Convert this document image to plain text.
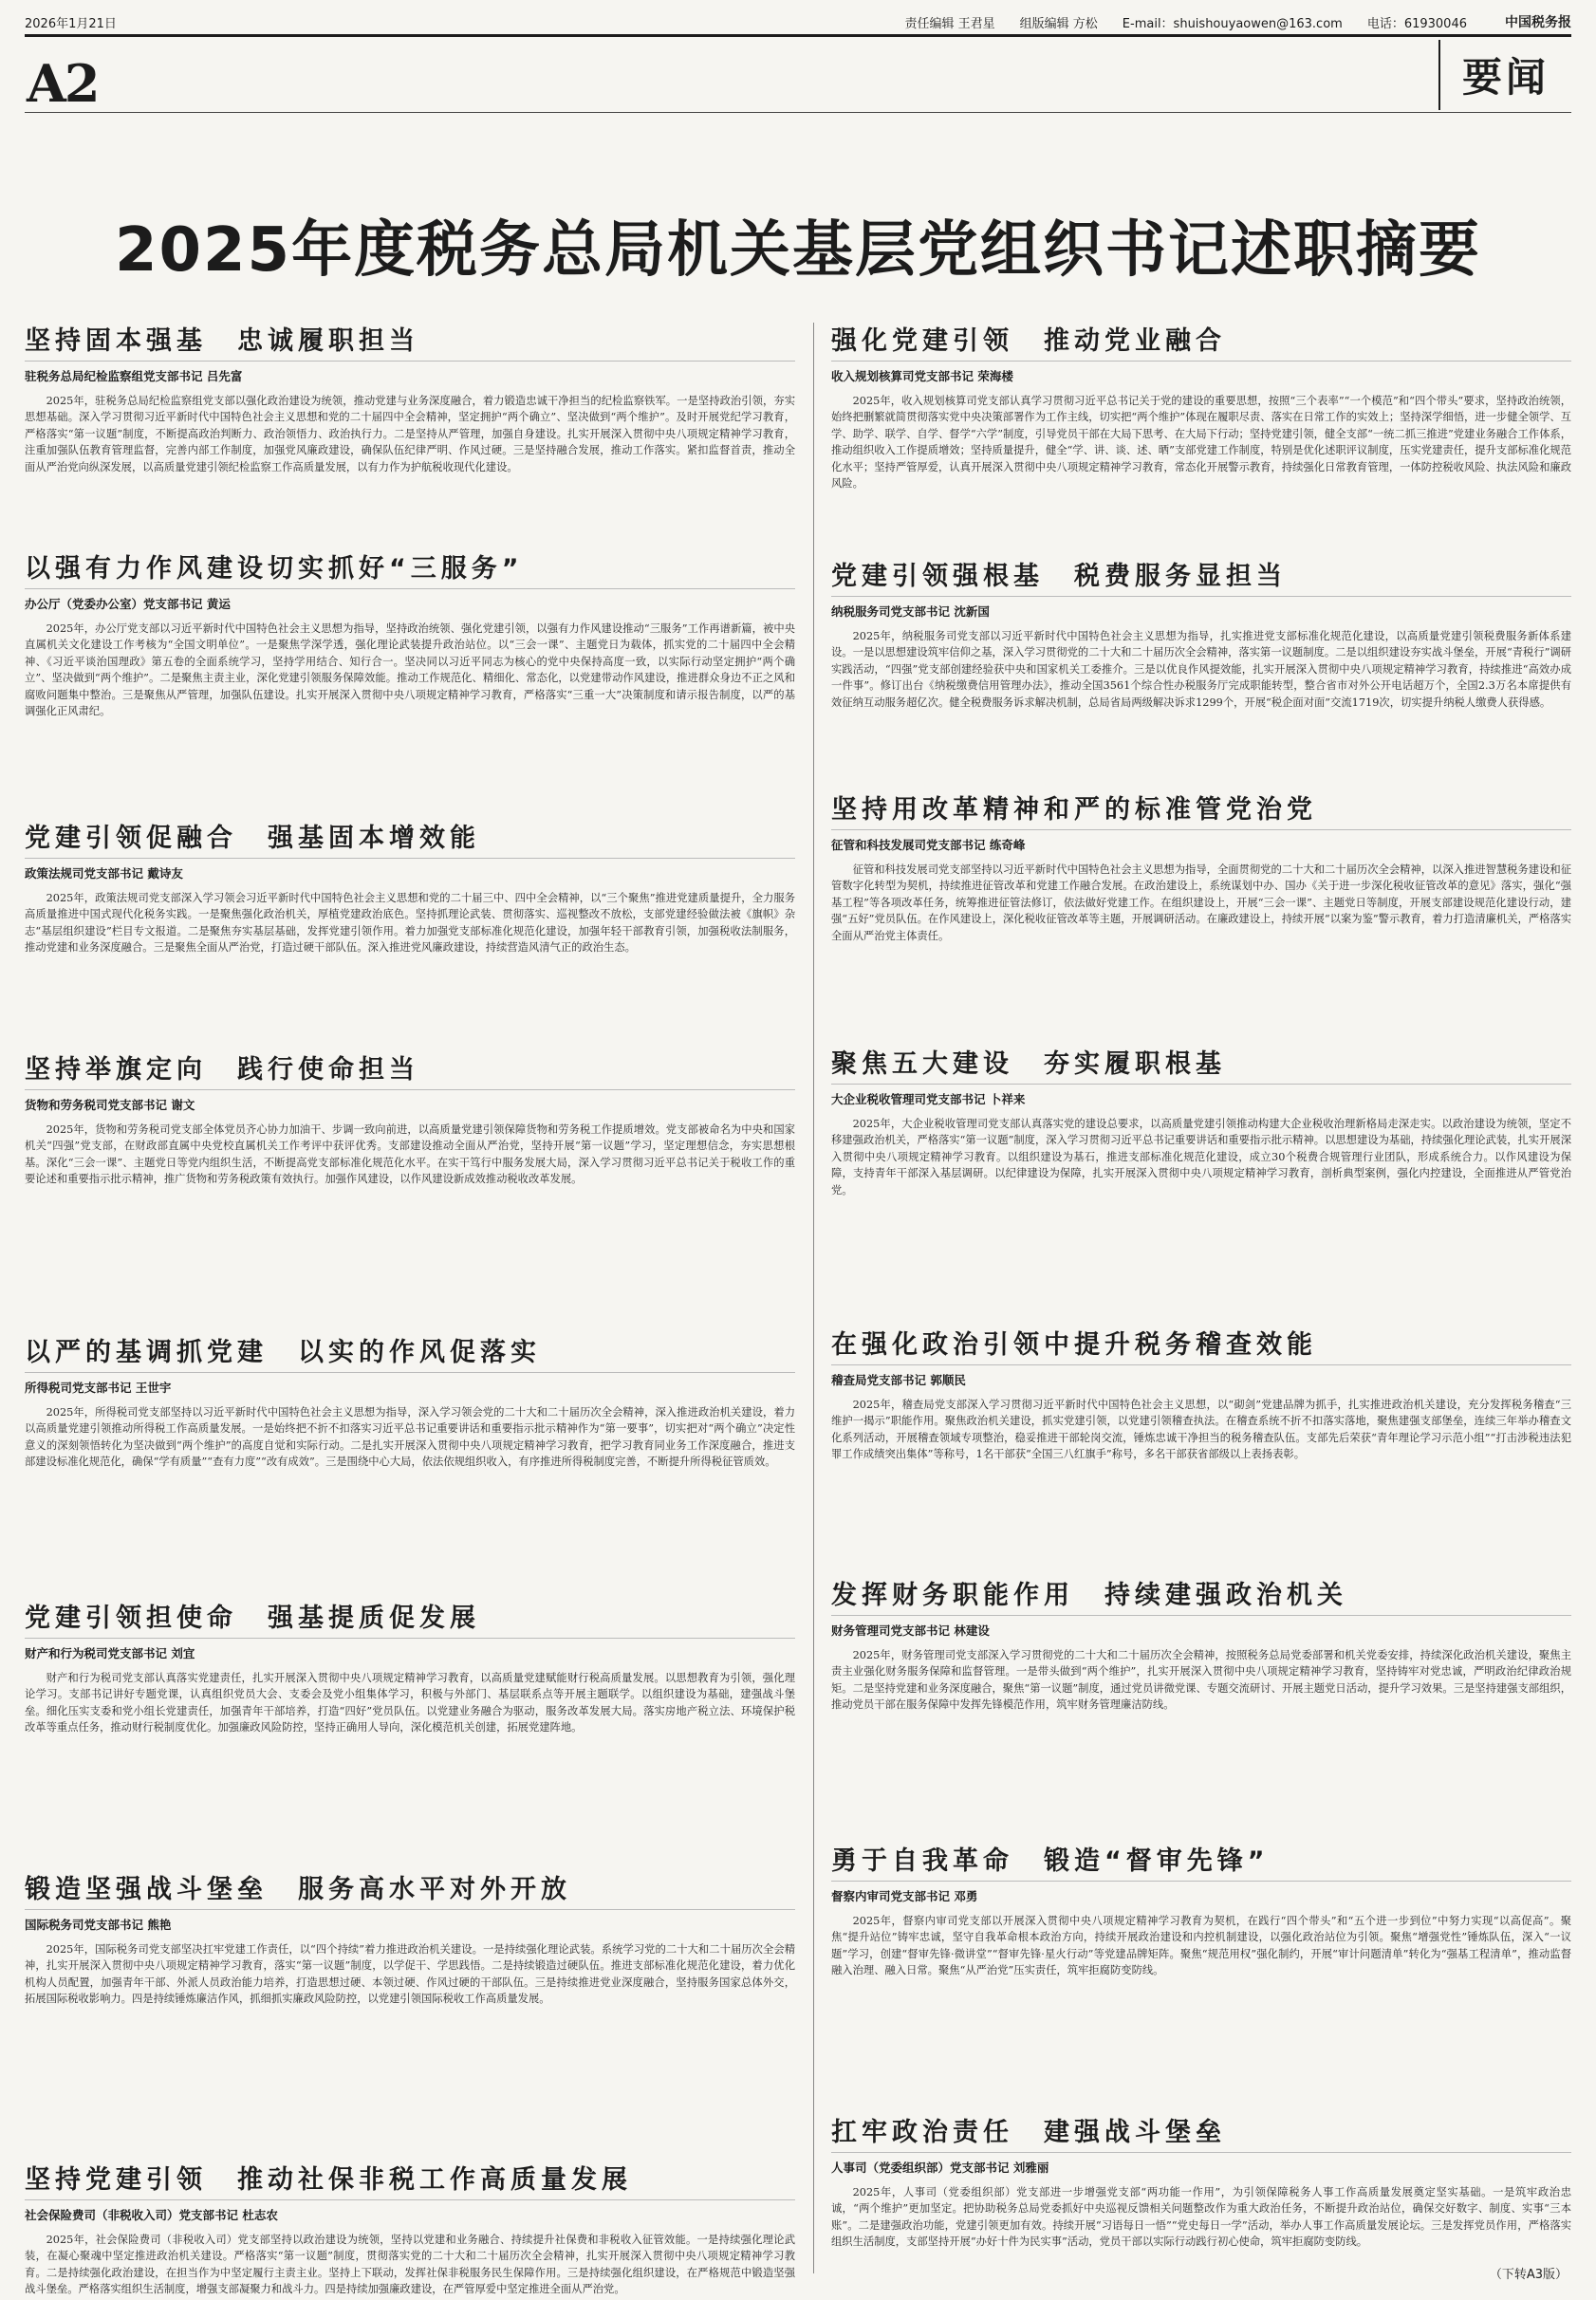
2026年1月21日	责任编辑 王君星 组版编辑 方松 E-mail：shuishouyaowen@163.com 电话：61930046	中国税务报
A2	要闻
2025年度税务总局机关基层党组织书记述职摘要
坚持固本强基　忠诚履职担当
驻税务总局纪检监察组党支部书记 吕先富

2025年，驻税务总局纪检监察组党支部以强化政治建设为统领，推动党建与业务深度融合，着力锻造忠诚干净担当的纪检监察铁军。一是坚持政治引领，夯实思想基础。深入学习贯彻习近平新时代中国特色社会主义思想和党的二十届四中全会精神，坚定拥护“两个确立”、坚决做到“两个维护”。及时开展党纪学习教育，严格落实“第一议题”制度，不断提高政治判断力、政治领悟力、政治执行力。二是坚持从严管理，加强自身建设。扎实开展深入贯彻中央八项规定精神学习教育，注重加强队伍教育管理监督，完善内部工作制度，加强党风廉政建设，确保队伍纪律严明、作风过硬。三是坚持融合发展，推动工作落实。紧扣监督首责，推动全面从严治党向纵深发展，以高质量党建引领纪检监察工作高质量发展，以有力作为护航税收现代化建设。

以强有力作风建设切实抓好“三服务”
办公厅（党委办公室）党支部书记 黄运

2025年，办公厅党支部以习近平新时代中国特色社会主义思想为指导，坚持政治统领、强化党建引领，以强有力作风建设推动“三服务”工作再谱新篇，被中央直属机关文化建设工作考核为“全国文明单位”。一是聚焦学深学透，强化理论武装提升政治站位。以“三会一课”、主题党日为载体，抓实党的二十届四中全会精神、《习近平谈治国理政》第五卷的全面系统学习，坚持学用结合、知行合一。坚决同以习近平同志为核心的党中央保持高度一致，以实际行动坚定拥护“两个确立”、坚决做到“两个维护”。二是聚焦主责主业，深化党建引领服务保障效能。推动工作规范化、精细化、常态化，以党建带动作风建设，推进群众身边不正之风和腐败问题集中整治。三是聚焦从严管理，加强队伍建设。扎实开展深入贯彻中央八项规定精神学习教育，严格落实“三重一大”决策制度和请示报告制度，以严的基调强化正风肃纪。

党建引领促融合　强基固本增效能
政策法规司党支部书记 戴诗友

2025年，政策法规司党支部深入学习领会习近平新时代中国特色社会主义思想和党的二十届三中、四中全会精神，以“三个聚焦”推进党建质量提升，全力服务高质量推进中国式现代化税务实践。一是聚焦强化政治机关，厚植党建政治底色。坚持抓理论武装、贯彻落实、巡视整改不放松，支部党建经验做法被《旗帜》杂志“基层组织建设”栏目专文报道。二是聚焦夯实基层基础，发挥党建引领作用。着力加强党支部标准化规范化建设，加强年轻干部教育引领，加强税收法制服务，推动党建和业务深度融合。三是聚焦全面从严治党，打造过硬干部队伍。深入推进党风廉政建设，持续营造风清气正的政治生态。

坚持举旗定向　践行使命担当
货物和劳务税司党支部书记 谢文

2025年，货物和劳务税司党支部全体党员齐心协力加油干、步调一致向前进，以高质量党建引领保障货物和劳务税工作提质增效。党支部被命名为中央和国家机关“四强”党支部，在财政部直属中央党校直属机关工作考评中获评优秀。支部建设推动全面从严治党，坚持开展“第一议题”学习，坚定理想信念，夯实思想根基。深化“三会一课”、主题党日等党内组织生活，不断提高党支部标准化规范化水平。在实干笃行中服务发展大局，深入学习贯彻习近平总书记关于税收工作的重要论述和重要指示批示精神，推广货物和劳务税政策有效执行。加强作风建设，以作风建设新成效推动税收改革发展。

以严的基调抓党建　以实的作风促落实
所得税司党支部书记 王世宇

2025年，所得税司党支部坚持以习近平新时代中国特色社会主义思想为指导，深入学习领会党的二十大和二十届历次全会精神，深入推进政治机关建设，着力以高质量党建引领推动所得税工作高质量发展。一是始终把不折不扣落实习近平总书记重要讲话和重要指示批示精神作为“第一要事”，切实把对“两个确立”决定性意义的深刻领悟转化为坚决做到“两个维护”的高度自觉和实际行动。二是扎实开展深入贯彻中央八项规定精神学习教育，把学习教育同业务工作深度融合，推进支部建设标准化规范化，确保“学有质量”“查有力度”“改有成效”。三是围绕中心大局，依法依规组织收入，有序推进所得税制度完善，不断提升所得税征管质效。

党建引领担使命　强基提质促发展
财产和行为税司党支部书记 刘宜

财产和行为税司党支部认真落实党建责任，扎实开展深入贯彻中央八项规定精神学习教育，以高质量党建赋能财行税高质量发展。以思想教育为引领，强化理论学习。支部书记讲好专题党课，认真组织党员大会、支委会及党小组集体学习，积极与外部门、基层联系点等开展主题联学。以组织建设为基础，建强战斗堡垒。细化压实支委和党小组长党建责任，加强青年干部培养，打造“四好”党员队伍。以党建业务融合为驱动，服务改革发展大局。落实房地产税立法、环境保护税改革等重点任务，推动财行税制度优化。加强廉政风险防控，坚持正确用人导向，深化模范机关创建，拓展党建阵地。

锻造坚强战斗堡垒　服务高水平对外开放
国际税务司党支部书记 熊艳

2025年，国际税务司党支部坚决扛牢党建工作责任，以“四个持续”着力推进政治机关建设。一是持续强化理论武装。系统学习党的二十大和二十届历次全会精神，扎实开展深入贯彻中央八项规定精神学习教育，落实“第一议题”制度，以学促干、学思践悟。二是持续锻造过硬队伍。推进支部标准化规范化建设，着力优化机构人员配置，加强青年干部、外派人员政治能力培养，打造思想过硬、本领过硬、作风过硬的干部队伍。三是持续推进党业深度融合，坚持服务国家总体外交，拓展国际税收影响力。四是持续锤炼廉洁作风，抓细抓实廉政风险防控，以党建引领国际税收工作高质量发展。

坚持党建引领　推动社保非税工作高质量发展
社会保险费司（非税收入司）党支部书记 杜志农

2025年，社会保险费司（非税收入司）党支部坚持以政治建设为统领，坚持以党建和业务融合、持续提升社保费和非税收入征管效能。一是持续强化理论武装，在凝心聚魂中坚定推进政治机关建设。严格落实“第一议题”制度，贯彻落实党的二十大和二十届历次全会精神，扎实开展深入贯彻中央八项规定精神学习教育。二是持续强化政治建设，在担当作为中坚定履行主责主业。坚持上下联动，发挥社保非税服务民生保障作用。三是持续强化组织建设，在严格规范中锻造坚强战斗堡垒。严格落实组织生活制度，增强支部凝聚力和战斗力。四是持续加强廉政建设，在严管厚爱中坚定推进全面从严治党。

强化党建引领　推动党业融合
收入规划核算司党支部书记 荣海楼

2025年，收入规划核算司党支部认真学习贯彻习近平总书记关于党的建设的重要思想，按照“三个表率”“一个模范”和“四个带头”要求，坚持政治统领，始终把删繁就简贯彻落实党中央决策部署作为工作主线，切实把“两个维护”体现在履职尽责、落实在日常工作的实效上；坚持深学细悟，进一步健全领学、互学、助学、联学、自学、督学“六学”制度，引导党员干部在大局下思考、在大局下行动；坚持党建引领，健全支部“一统二抓三推进”党建业务融合工作体系，推动组织收入工作提质增效；坚持质量提升，健全“学、讲、谈、述、晒”支部党建工作制度，特别是优化述职评议制度，压实党建责任，提升支部标准化规范化水平；坚持严管厚爱，认真开展深入贯彻中央八项规定精神学习教育，常态化开展警示教育，持续强化日常教育管理，一体防控税收风险、执法风险和廉政风险。

党建引领强根基　税费服务显担当
纳税服务司党支部书记 沈新国

2025年，纳税服务司党支部以习近平新时代中国特色社会主义思想为指导，扎实推进党支部标准化规范化建设，以高质量党建引领税费服务新体系建设。一是以思想建设筑牢信仰之基，深入学习贯彻党的二十大和二十届历次全会精神，落实第一议题制度。二是以组织建设夯实战斗堡垒，开展“青税行”调研实践活动，“四强”党支部创建经验获中央和国家机关工委推介。三是以优良作风提效能，扎实开展深入贯彻中央八项规定精神学习教育，持续推进“高效办成一件事”。修订出台《纳税缴费信用管理办法》，推动全国3561个综合性办税服务厅完成职能转型，整合省市对外公开电话超万个，全国2.3万名本席提供有效征纳互动服务超亿次。健全税费服务诉求解决机制，总局省局两级解决诉求1299个，开展“税企面对面”交流1719次，切实提升纳税人缴费人获得感。

坚持用改革精神和严的标准管党治党
征管和科技发展司党支部书记 练奇峰

征管和科技发展司党支部坚持以习近平新时代中国特色社会主义思想为指导，全面贯彻党的二十大和二十届历次全会精神，以深入推进智慧税务建设和征管数字化转型为契机，持续推进征管改革和党建工作融合发展。在政治建设上，系统谋划中办、国办《关于进一步深化税收征管改革的意见》落实，强化“强基工程”等各项改革任务，统筹推进征管法修订，依法做好党建工作。在组织建设上，开展“三会一课”、主题党日等制度，开展支部建设规范化建设行动，建强“五好”党员队伍。在作风建设上，深化税收征管改革等主题，开展调研活动。在廉政建设上，持续开展“以案为鉴”警示教育，着力打造清廉机关，严格落实全面从严治党主体责任。

聚焦五大建设　夯实履职根基
大企业税收管理司党支部书记 卜祥来

2025年，大企业税收管理司党支部认真落实党的建设总要求，以高质量党建引领推动构建大企业税收治理新格局走深走实。以政治建设为统领，坚定不移建强政治机关，严格落实“第一议题”制度，深入学习贯彻习近平总书记重要讲话和重要指示批示精神。以思想建设为基础，持续强化理论武装，扎实开展深入贯彻中央八项规定精神学习教育。以组织建设为基石，推进支部标准化规范化建设，成立30个税费合规管理行业团队，形成系统合力。以作风建设为保障，支持青年干部深入基层调研。以纪律建设为保障，扎实开展深入贯彻中央八项规定精神学习教育，剖析典型案例，强化内控建设，全面推进从严管党治党。

在强化政治引领中提升税务稽查效能
稽查局党支部书记 郭顺民

2025年，稽查局党支部深入学习贯彻习近平新时代中国特色社会主义思想，以“砌剑”党建品牌为抓手，扎实推进政治机关建设，充分发挥税务稽查“三维护一揭示”职能作用。聚焦政治机关建设，抓实党建引领，以党建引领稽查执法。在稽查系统不折不扣落实落地，聚焦建强支部堡垒，连续三年举办稽查文化系列活动，开展稽查领域专项整治，稳妥推进干部轮岗交流，锤炼忠诚干净担当的税务稽查队伍。支部先后荣获“青年理论学习示范小组”“打击涉税违法犯罪工作成绩突出集体”等称号，1名干部获“全国三八红旗手”称号，多名干部获省部级以上表扬表彰。

发挥财务职能作用　持续建强政治机关
财务管理司党支部书记 林建设

2025年，财务管理司党支部深入学习贯彻党的二十大和二十届历次全会精神，按照税务总局党委部署和机关党委安排，持续深化政治机关建设，聚焦主责主业强化财务服务保障和监督管理。一是带头做到“两个维护”，扎实开展深入贯彻中央八项规定精神学习教育，坚持铸牢对党忠诚，严明政治纪律政治规矩。二是坚持党建和业务深度融合，聚焦“第一议题”制度，通过党员讲微党课、专题交流研讨、开展主题党日活动，提升学习效果。三是坚持建强支部组织，推动党员干部在服务保障中发挥先锋模范作用，筑牢财务管理廉洁防线。

勇于自我革命　锻造“督审先锋”
督察内审司党支部书记 邓勇

2025年，督察内审司党支部以开展深入贯彻中央八项规定精神学习教育为契机，在践行“四个带头”和“五个进一步到位”中努力实现“以高促高”。聚焦“提升站位”铸牢忠诚，坚守自我革命根本政治方向，持续开展政治建设和内控机制建设，以强化政治站位为引领。聚焦“增强党性”锤炼队伍，深入“一议题”学习，创建“督审先锋·微讲堂”“督审先锋·星火行动”等党建品牌矩阵。聚焦“规范用权”强化制约，开展“审计问题清单”转化为“强基工程清单”，推动监督融入治理、融入日常。聚焦“从严治党”压实责任，筑牢拒腐防变防线。

扛牢政治责任　建强战斗堡垒
人事司（党委组织部）党支部书记 刘雅丽

2025年，人事司（党委组织部）党支部进一步增强党支部“两功能一作用”，为引领保障税务人事工作高质量发展奠定坚实基础。一是筑牢政治忠诚，“两个维护”更加坚定。把协助税务总局党委抓好中央巡视反馈相关问题整改作为重大政治任务，不断提升政治站位，确保交好数字、制度、实事“三本账”。二是建强政治功能，党建引领更加有效。持续开展“习语每日一悟”“党史每日一学”活动，举办人事工作高质量发展论坛。三是发挥党员作用，严格落实组织生活制度，支部坚持开展“办好十件为民实事”活动，党员干部以实际行动践行初心使命，筑牢拒腐防变防线。

（下转A3版）
